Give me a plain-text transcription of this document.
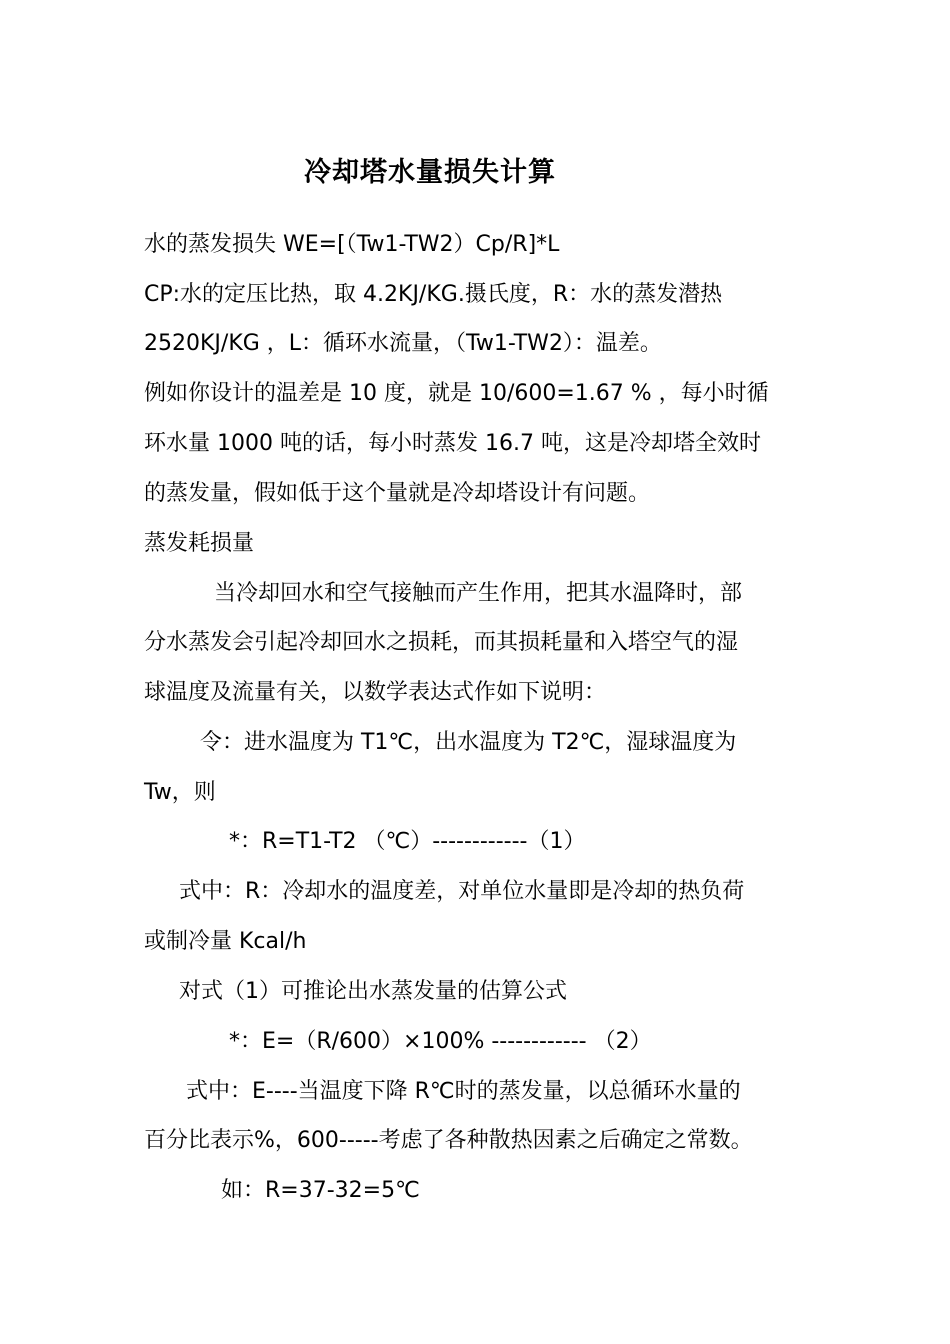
冷却塔水量损失计算
水的蒸发损失 WE=[（Tw1-TW2）Cp/R]*L
CP:水的定压比热，取 4.2KJ/KG.摄氏度，R：水的蒸发潜热
2520KJ/KG ，L：循环水流量，（Tw1-TW2）：温差。
例如你设计的温差是 10 度，就是 10/600=1.67 % ，每小时循
环水量 1000 吨的话，每小时蒸发 16.7 吨，这是冷却塔全效时
的蒸发量，假如低于这个量就是冷却塔设计有问题。
蒸发耗损量
当冷却回水和空气接触而产生作用，把其水温降时，部
分水蒸发会引起冷却回水之损耗，而其损耗量和入塔空气的湿
球温度及流量有关，以数学表达式作如下说明：
令：进水温度为 T1℃，出水温度为 T2℃，湿球温度为
Tw，则
*：R=T1-T2 （℃）------------（1）
式中：R：冷却水的温度差，对单位水量即是冷却的热负荷
或制冷量 Kcal/h
对式（1）可推论出水蒸发量的估算公式
*：E=（R/600）×100% ------------ （2）
式中：E----当温度下降 R℃时的蒸发量，以总循环水量的
百分比表示%，600-----考虑了各种散热因素之后确定之常数。
如：R=37-32=5℃
